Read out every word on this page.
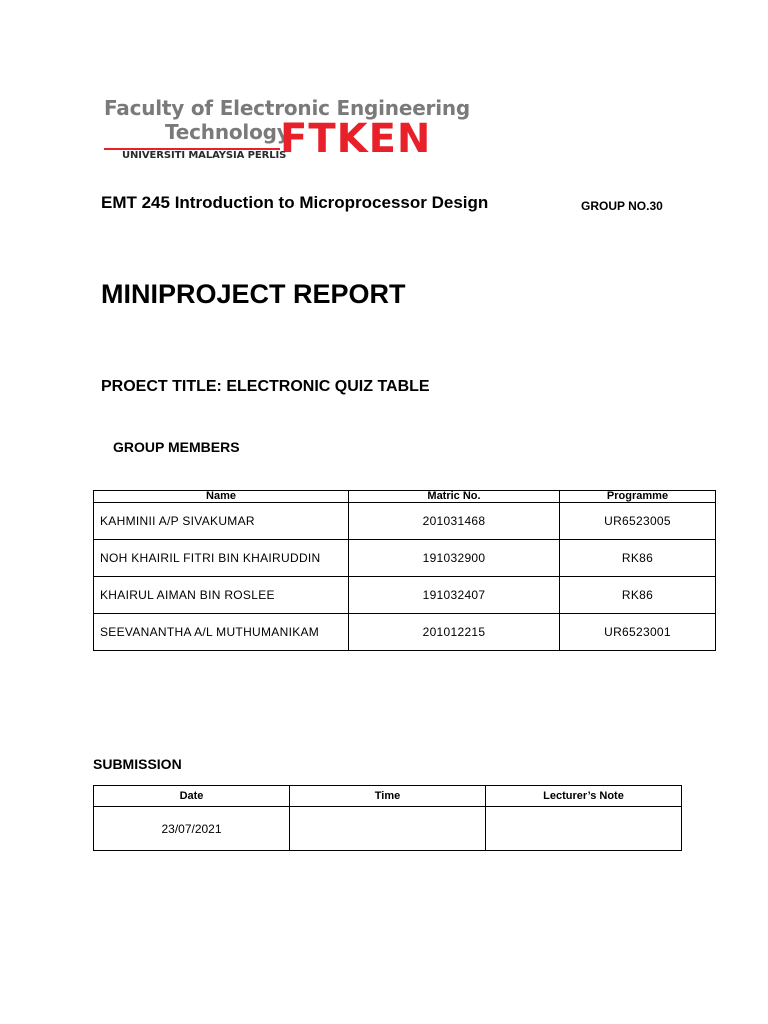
Faculty of Electronic Engineering
Technology
FTKEN
UNIVERSITI MALAYSIA PERLIS
EMT 245 Introduction to Microprocessor Design	GROUP NO.30
MINIPROJECT REPORT
PROECT TITLE: ELECTRONIC QUIZ TABLE
GROUP MEMBERS
Name	Matric No.	Programme
KAHMINII A/P SIVAKUMAR	201031468	UR6523005
NOH KHAIRIL FITRI BIN KHAIRUDDIN	191032900	RK86
KHAIRUL AIMAN BIN ROSLEE	191032407	RK86
SEEVANANTHA A/L MUTHUMANIKAM	201012215	UR6523001
SUBMISSION
Date	Time	Lecturer’s Note
23/07/2021		
